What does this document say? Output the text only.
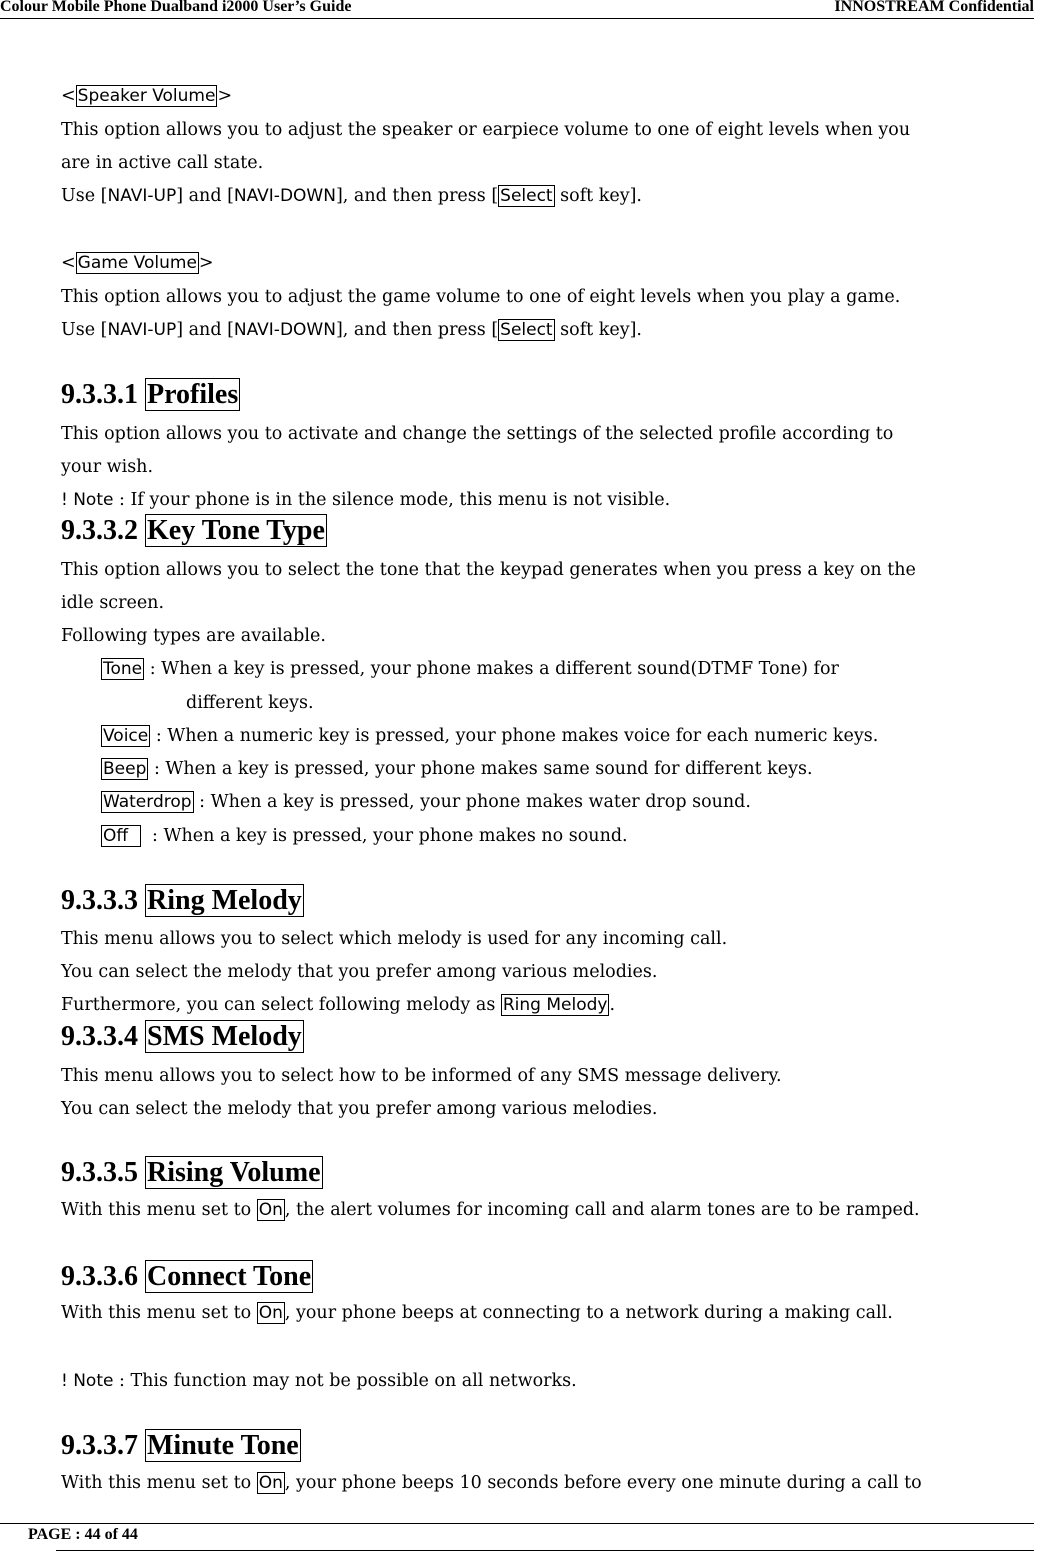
Colour Mobile Phone Dualband i2000 User’s Guide	INNOSTREAM Confidential
< Speaker Volume >
This option allows you to adjust the speaker or earpiece volume to one of eight levels when you
are in active call state.
Use [NAVI-UP] and [NAVI-DOWN], and then press [ Select soft key].
< Game Volume >
This option allows you to adjust the game volume to one of eight levels when you play a game.
Use [NAVI-UP] and [NAVI-DOWN], and then press [ Select soft key].
9.3.3.1 Profiles
This option allows you to activate and change the settings of the selected profile according to
your wish.
! Note : If your phone is in the silence mode, this menu is not visible.
9.3.3.2 Key Tone Type
This option allows you to select the tone that the keypad generates when you press a key on the
idle screen.
Following types are available.
Tone : When a key is pressed, your phone makes a different sound(DTMF Tone) for
different keys.
Voice : When a numeric key is pressed, your phone makes voice for each numeric keys.
Beep : When a key is pressed, your phone makes same sound for different keys.
Waterdrop : When a key is pressed, your phone makes water drop sound.
Off    : When a key is pressed, your phone makes no sound.
9.3.3.3 Ring Melody
This menu allows you to select which melody is used for any incoming call.
You can select the melody that you prefer among various melodies.
Furthermore, you can select following melody as Ring Melody .
9.3.3.4 SMS Melody
This menu allows you to select how to be informed of any SMS message delivery.
You can select the melody that you prefer among various melodies.
9.3.3.5 Rising Volume
With this menu set to On , the alert volumes for incoming call and alarm tones are to be ramped.
9.3.3.6 Connect Tone
With this menu set to On , your phone beeps at connecting to a network during a making call.
! Note : This function may not be possible on all networks.
9.3.3.7 Minute Tone
With this menu set to On , your phone beeps 10 seconds before every one minute during a call to
PAGE : 44 of 44
